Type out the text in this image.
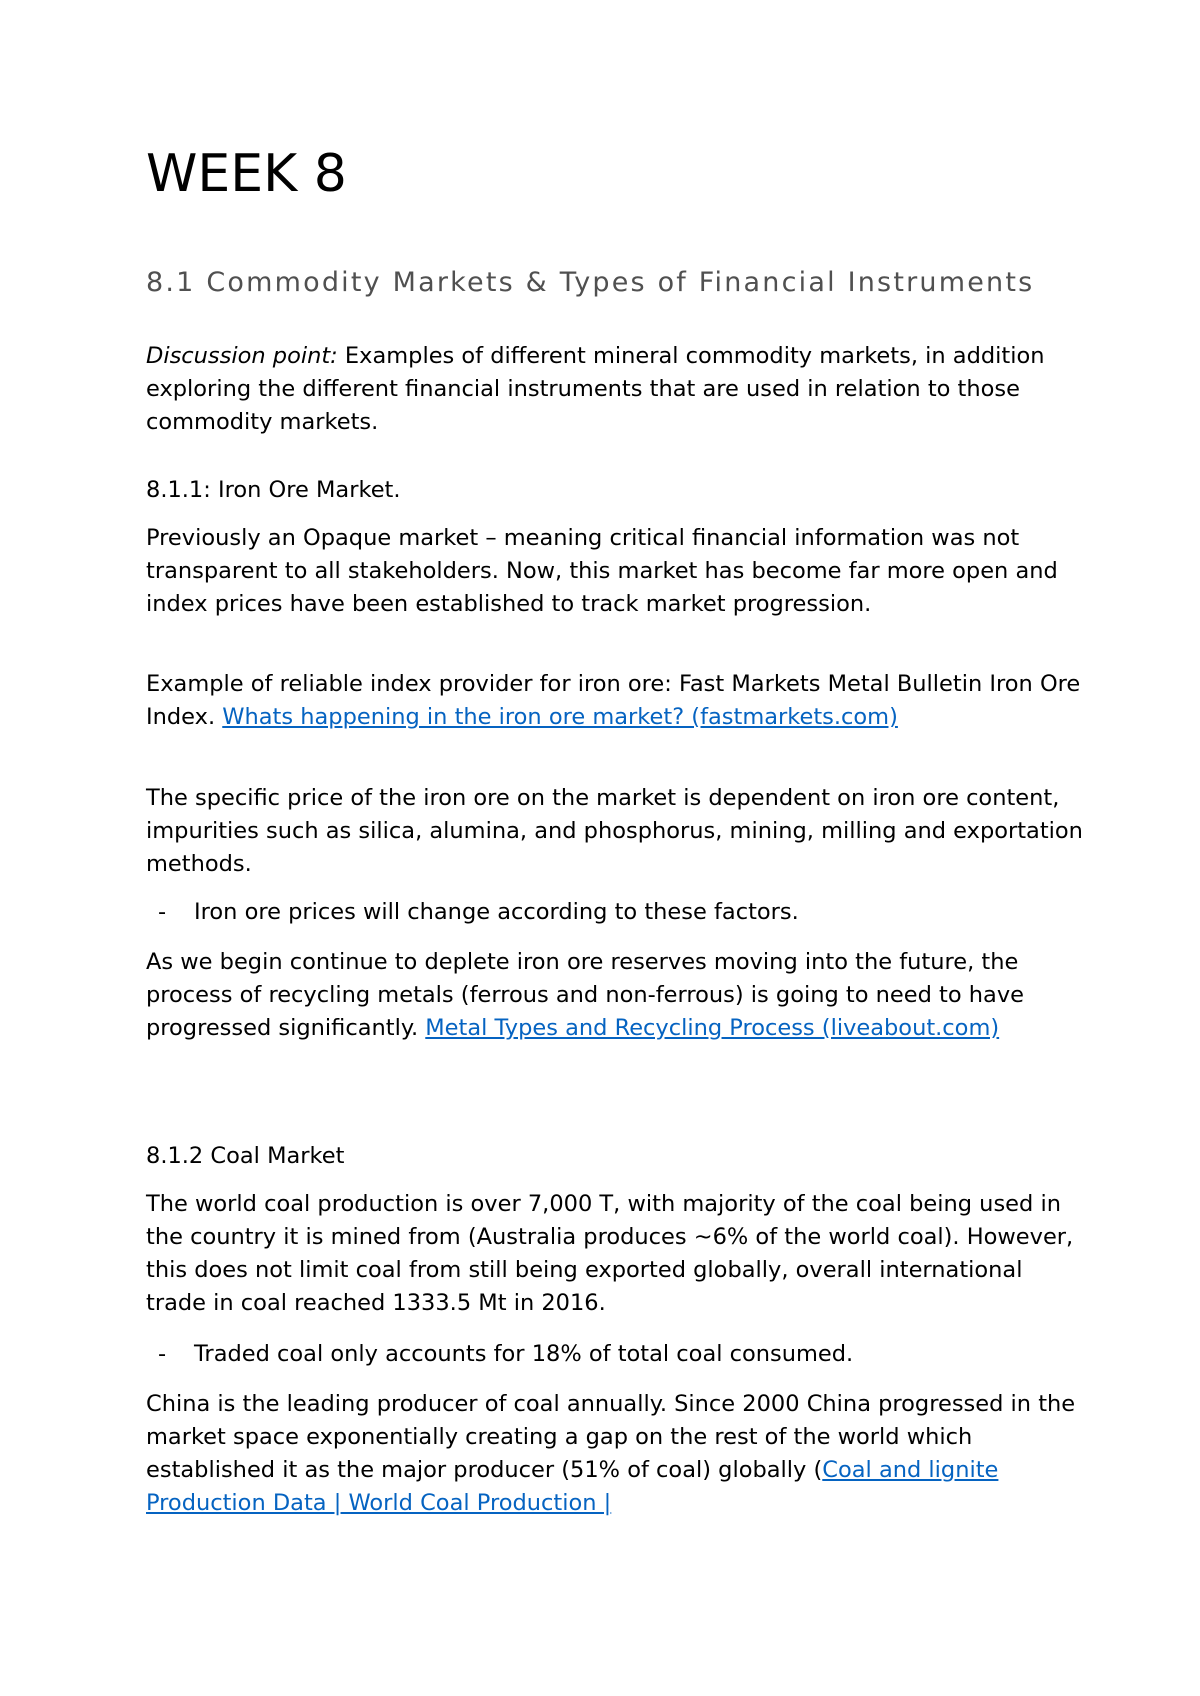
WEEK 8
8.1 Commodity Markets & Types of Financial Instruments

Discussion point: Examples of different mineral commodity markets, in addition exploring the different financial instruments that are used in relation to those commodity markets.

8.1.1: Iron Ore Market.

Previously an Opaque market – meaning critical financial information was not transparent to all stakeholders. Now, this market has become far more open and index prices have been established to track market progression.

Example of reliable index provider for iron ore: Fast Markets Metal Bulletin Iron Ore Index. Whats happening in the iron ore market? (fastmarkets.com)

The specific price of the iron ore on the market is dependent on iron ore content, impurities such as silica, alumina, and phosphorus, mining, milling and exportation methods.

- Iron ore prices will change according to these factors.

As we begin continue to deplete iron ore reserves moving into the future, the process of recycling metals (ferrous and non-ferrous) is going to need to have progressed significantly. Metal Types and Recycling Process (liveabout.com)

8.1.2 Coal Market

The world coal production is over 7,000 T, with majority of the coal being used in the country it is mined from (Australia produces ~6% of the world coal). However, this does not limit coal from still being exported globally, overall international trade in coal reached 1333.5 Mt in 2016.

- Traded coal only accounts for 18% of total coal consumed.

China is the leading producer of coal annually. Since 2000 China progressed in the market space exponentially creating a gap on the rest of the world which established it as the major producer (51% of coal) globally (Coal and lignite Production Data | World Coal Production |
